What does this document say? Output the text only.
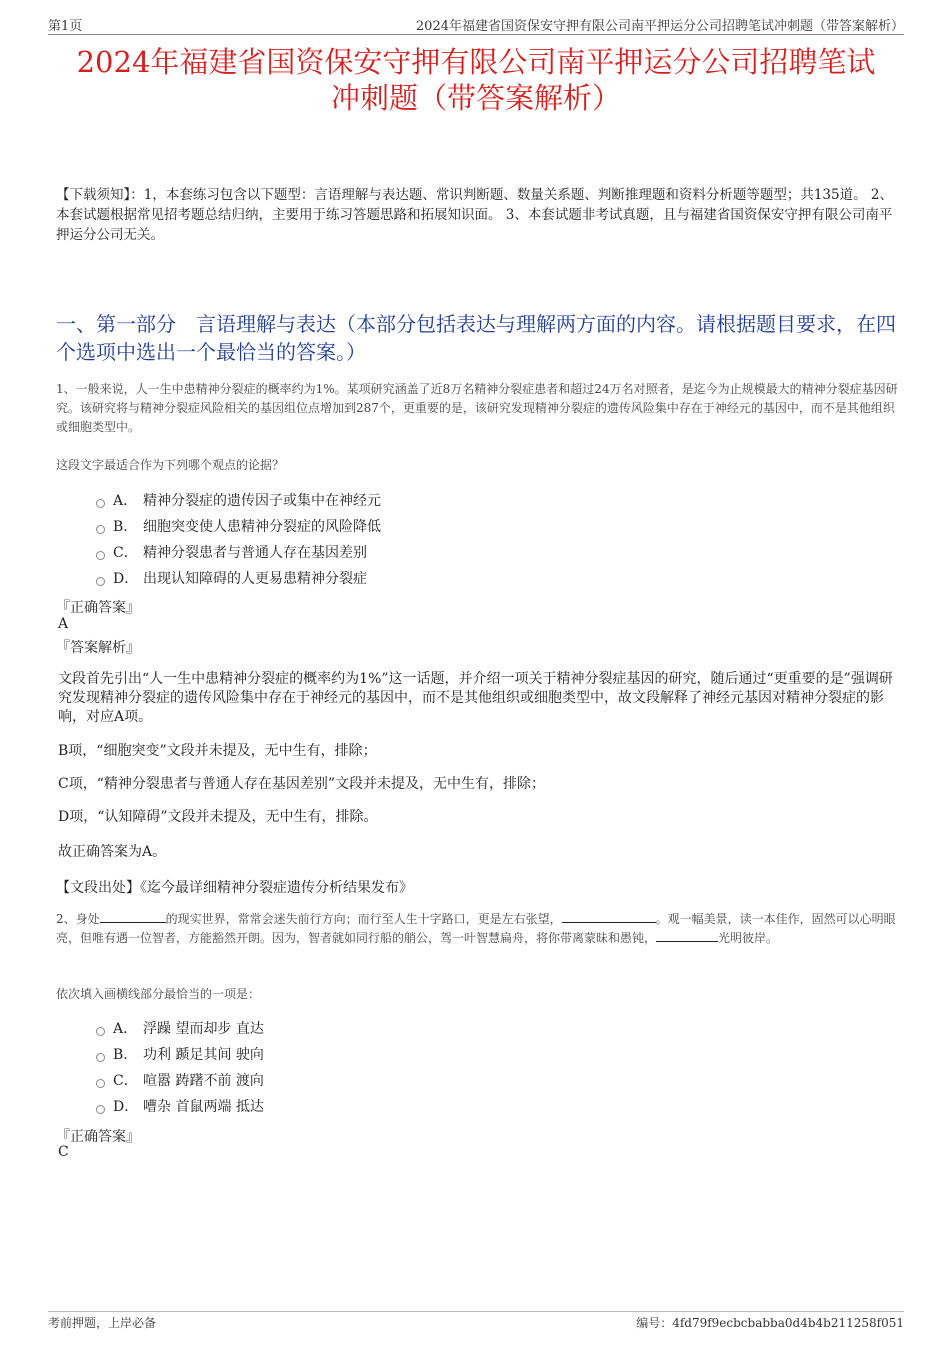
第1页	2024年福建省国资保安守押有限公司南平押运分公司招聘笔试冲刺题（带答案解析）
2024年福建省国资保安守押有限公司南平押运分公司招聘笔试
冲刺题（带答案解析）
【下载须知】：1，本套练习包含以下题型：言语理解与表达题、常识判断题、数量关系题、判断推理题和资料分析题等题型；共135道。 2、本套试题根据常见招考题总结归纳，主要用于练习答题思路和拓展知识面。 3、本套试题非考试真题，且与福建省国资保安守押有限公司南平押运分公司无关。
一、第一部分　言语理解与表达（本部分包括表达与理解两方面的内容。请根据题目要求，在四个选项中选出一个最恰当的答案。）
1、一般来说，人一生中患精神分裂症的概率约为1%。某项研究涵盖了近8万名精神分裂症患者和超过24万名对照者，是迄今为止规模最大的精神分裂症基因研究。该研究将与精神分裂症风险相关的基因组位点增加到287个，更重要的是，该研究发现精神分裂症的遗传风险集中存在于神经元的基因中，而不是其他组织或细胞类型中。
这段文字最适合作为下列哪个观点的论据？
A． 精神分裂症的遗传因子或集中在神经元
B． 细胞突变使人患精神分裂症的风险降低
C． 精神分裂患者与普通人存在基因差别
D． 出现认知障碍的人更易患精神分裂症
『正确答案』
A
『答案解析』
文段首先引出“人一生中患精神分裂症的概率约为1%”这一话题，并介绍一项关于精神分裂症基因的研究，随后通过“更重要的是”强调研究发现精神分裂症的遗传风险集中存在于神经元的基因中，而不是其他组织或细胞类型中，故文段解释了神经元基因对精神分裂症的影响，对应A项。
B项，“细胞突变”文段并未提及，无中生有，排除；
C项，“精神分裂患者与普通人存在基因差别”文段并未提及，无中生有，排除；
D项，“认知障碍”文段并未提及，无中生有，排除。
故正确答案为A。
【文段出处】《迄今最详细精神分裂症遗传分析结果发布》
2、身处	的现实世界，常常会迷失前行方向；而行至人生十字路口，更是左右张望，	。观一幅美景，读一本佳作，固然可以心明眼亮，但唯有遇一位智者，方能豁然开朗。因为，智者就如同行船的艄公，驾一叶智慧扁舟，将你带离蒙昧和愚钝，	光明彼岸。
依次填入画横线部分最恰当的一项是：
A． 浮躁 望而却步 直达
B． 功利 踬足其间 驶向
C． 喧嚣 踌躇不前 渡向
D． 嘈杂 首鼠两端 抵达
『正确答案』
C
考前押题，上岸必备	编号：4fd79f9ecbcbabba0d4b4b211258f051
